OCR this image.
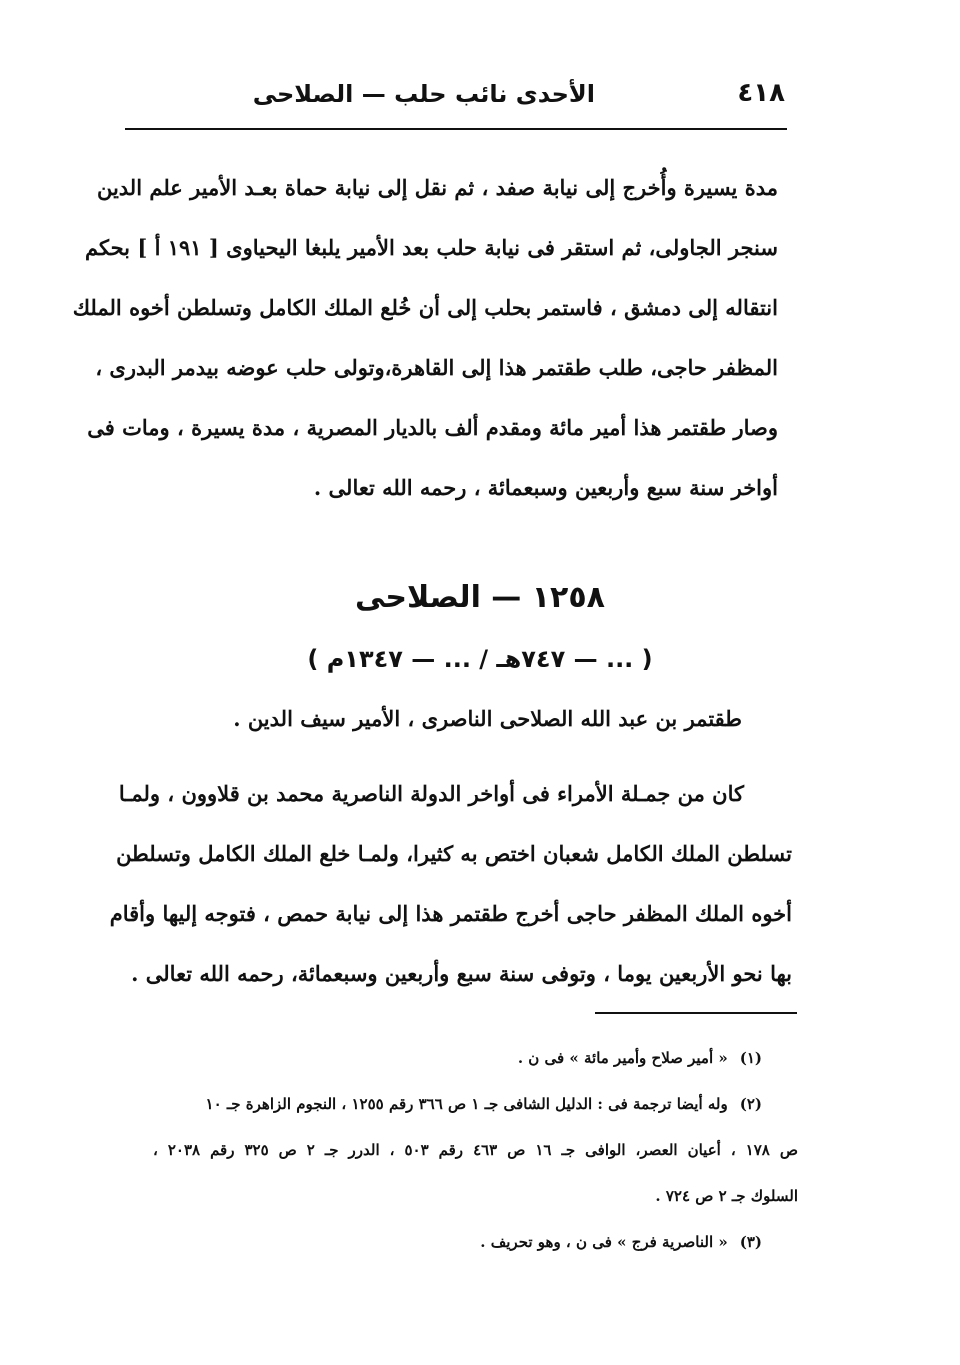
٤١٨
الأحدى نائب حلب — الصلاحى
مدة يسيرة وأُخرج إلى نيابة صفد ، ثم نقل إلى نيابة حماة بعـد الأمير علم الدين
سنجر الجاولى، ثم استقر فى نيابة حلب بعد الأمير يلبغا اليحياوى [ ١٩١ أ ] بحكم
انتقاله إلى دمشق ، فاستمر بحلب إلى أن خُلع الملك الكامل وتسلطن أخوه الملك
المظفر حاجى، طلب طقتمر هذا إلى القاهرة،وتولى حلب عوضه بيدمر البدرى ،
وصار طقتمر هذا أمير مائة ومقدم ألف بالديار المصرية ، مدة يسيرة ، ومات فى
أواخر سنة سبع وأربعين وسبعمائة ، رحمه الله تعالى .
١٢٥٨ — الصلاحى
( ... — ٧٤٧هـ / ... — ١٣٤٧م )
طقتمر بن عبد الله الصلاحى الناصرى ، الأمير سيف الدين .
كان من جمـلة الأمراء فى أواخر الدولة الناصرية محمد بن قلاوون ، ولمـا
تسلطن الملك الكامل شعبان اختص به كثيرا، ولمـا خلع الملك الكامل وتسلطن
أخوه الملك المظفر حاجى أخرج طقتمر هذا إلى نيابة حمص ، فتوجه إليها وأقام
بها نحو الأربعين يوما ، وتوفى سنة سبع وأربعين وسبعمائة، رحمه الله تعالى .
(١)« أمير صلاح وأمير مائة » فى ن .
(٢)وله أيضا ترجمة فى : الدليل الشافى جـ ١ ص ٣٦٦ رقم ١٢٥٥ ، النجوم الزاهرة جـ ١٠
ص ١٧٨ ، أعيان العصر، الوافى جـ ١٦ ص ٤٦٣ رقم ٥٠٣ ، الدرر جـ ٢ ص ٣٢٥ رقم ٢٠٣٨ ،
السلوك جـ ٢ ص ٧٢٤ .
(٣)« الناصرية فرج » فى ن ، وهو تحريف .
